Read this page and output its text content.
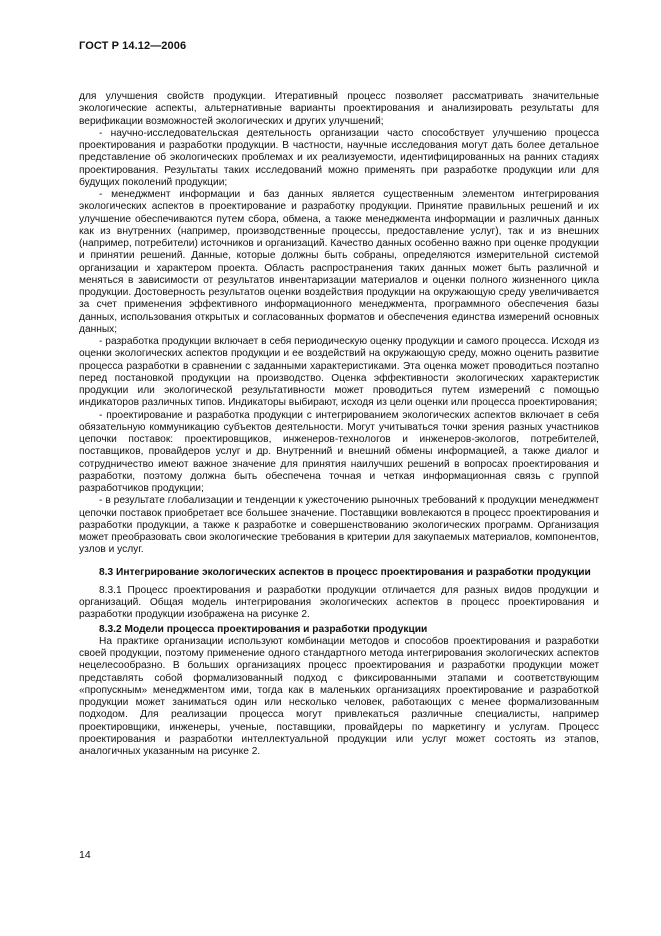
ГОСТ Р 14.12—2006

для улучшения свойств продукции. Итеративный процесс позволяет рассматривать значительные экологические аспекты, альтернативные варианты проектирования и анализировать результаты для верификации возможностей экологических и других улучшений;

- научно-исследовательская деятельность организации часто способствует улучшению процесса проектирования и разработки продукции. В частности, научные исследования могут дать более детальное представление об экологических проблемах и их реализуемости, идентифицированных на ранних стадиях проектирования. Результаты таких исследований можно применять при разработке продукции или для будущих поколений продукции;

- менеджмент информации и баз данных является существенным элементом интегрирования экологических аспектов в проектирование и разработку продукции. Принятие правильных решений и их улучшение обеспечиваются путем сбора, обмена, а также менеджмента информации и различных данных как из внутренних (например, производственные процессы, предоставление услуг), так и из внешних (например, потребители) источников и организаций. Качество данных особенно важно при оценке продукции и принятии решений. Данные, которые должны быть собраны, определяются измерительной системой организации и характером проекта. Область распространения таких данных может быть различной и меняться в зависимости от результатов инвентаризации материалов и оценки полного жизненного цикла продукции. Достоверность результатов оценки воздействия продукции на окружающую среду увеличивается за счет применения эффективного информационного менеджмента, программного обеспечения базы данных, использования открытых и согласованных форматов и обеспечения единства измерений основных данных;

- разработка продукции включает в себя периодическую оценку продукции и самого процесса. Исходя из оценки экологических аспектов продукции и ее воздействий на окружающую среду, можно оценить развитие процесса разработки в сравнении с заданными характеристиками. Эта оценка может проводиться поэтапно перед постановкой продукции на производство. Оценка эффективности экологических характеристик продукции или экологической результативности может проводиться путем измерений с помощью индикаторов различных типов. Индикаторы выбирают, исходя из цели оценки или процесса проектирования;

- проектирование и разработка продукции с интегрированием экологических аспектов включает в себя обязательную коммуникацию субъектов деятельности. Могут учитываться точки зрения разных участников цепочки поставок: проектировщиков, инженеров-технологов и инженеров-экологов, потребителей, поставщиков, провайдеров услуг и др. Внутренний и внешний обмены информацией, а также диалог и сотрудничество имеют важное значение для принятия наилучших решений в вопросах проектирования и разработки, поэтому должна быть обеспечена точная и четкая информационная связь с группой разработчиков продукции;

- в результате глобализации и тенденции к ужесточению рыночных требований к продукции менеджмент цепочки поставок приобретает все большее значение. Поставщики вовлекаются в процесс проектирования и разработки продукции, а также к разработке и совершенствованию экологических программ. Организация может преобразовать свои экологические требования в критерии для закупаемых материалов, компонентов, узлов и услуг.

8.3 Интегрирование экологических аспектов в процесс проектирования и разработки продукции

8.3.1 Процесс проектирования и разработки продукции отличается для разных видов продукции и организаций. Общая модель интегрирования экологических аспектов в процесс проектирования и разработки продукции изображена на рисунке 2.

8.3.2 Модели процесса проектирования и разработки продукции

На практике организации используют комбинации методов и способов проектирования и разработки своей продукции, поэтому применение одного стандартного метода интегрирования экологических аспектов нецелесообразно. В больших организациях процесс проектирования и разработки продукции может представлять собой формализованный подход с фиксированными этапами и соответствующим «пропускным» менеджментом ими, тогда как в маленьких организациях проектирование и разработкой продукции может заниматься один или несколько человек, работающих с менее формализованным подходом. Для реализации процесса могут привлекаться различные специалисты, например проектировщики, инженеры, ученые, поставщики, провайдеры по маркетингу и услугам. Процесс проектирования и разработки интеллектуальной продукции или услуг может состоять из этапов, аналогичных указанным на рисунке 2.

14
